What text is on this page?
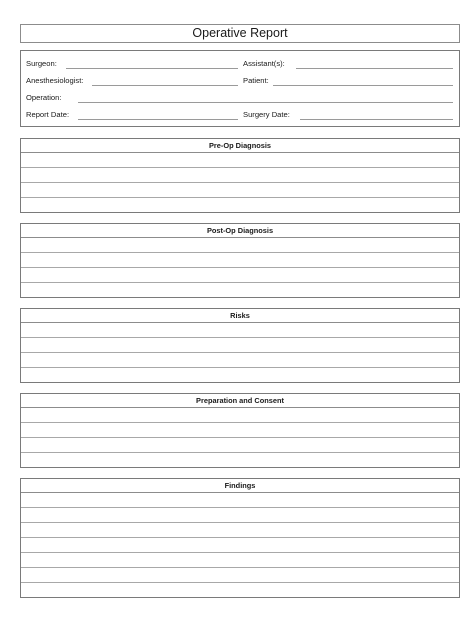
Operative Report
Surgeon:	Assistant(s):
Anesthesiologist:	Patient:
Operation:
Report Date:	Surgery Date:
Pre-Op Diagnosis
Post-Op Diagnosis
Risks
Preparation and Consent
Findings
